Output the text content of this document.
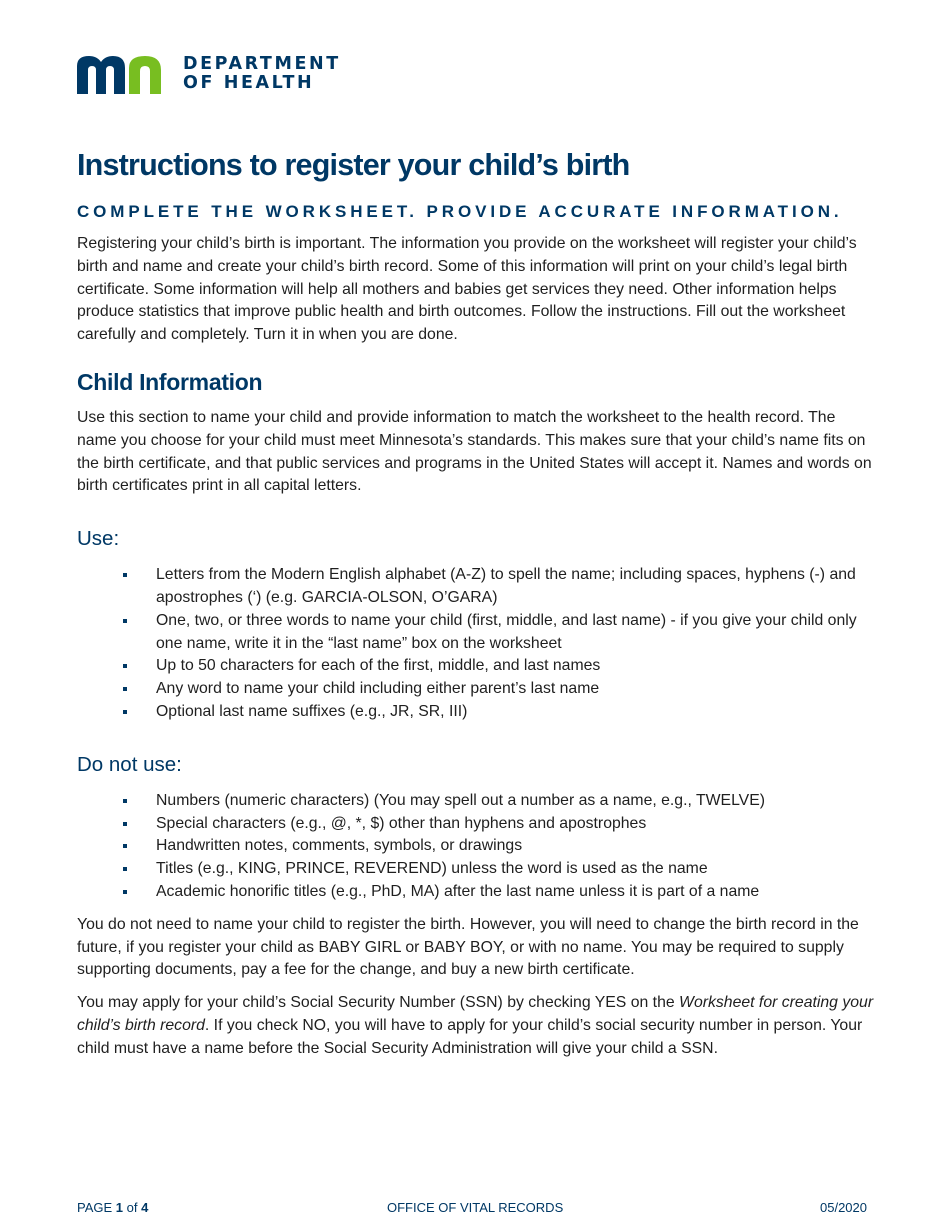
DEPARTMENT
OF HEALTH
Instructions to register your child’s birth
COMPLETE THE WORKSHEET. PROVIDE ACCURATE INFORMATION.

Registering your child’s birth is important. The information you provide on the worksheet will register your child’s birth and name and create your child’s birth record. Some of this information will print on your child’s legal birth certificate. Some information will help all mothers and babies get services they need. Other information helps produce statistics that improve public health and birth outcomes. Follow the instructions. Fill out the worksheet carefully and completely. Turn it in when you are done.

Child Information

Use this section to name your child and provide information to match the worksheet to the health record. The name you choose for your child must meet Minnesota’s standards. This makes sure that your child’s name fits on the birth certificate, and that public services and programs in the United States will accept it. Names and words on birth certificates print in all capital letters.

Use:
Letters from the Modern English alphabet (A-Z) to spell the name; including spaces, hyphens (-) and apostrophes (‘) (e.g. GARCIA-OLSON, O’GARA)
One, two, or three words to name your child (first, middle, and last name) - if you give your child only one name, write it in the “last name” box on the worksheet
Up to 50 characters for each of the first, middle, and last names
Any word to name your child including either parent’s last name
Optional last name suffixes (e.g., JR, SR, III)
Do not use:
Numbers (numeric characters) (You may spell out a number as a name, e.g., TWELVE)
Special characters (e.g., @, *, $) other than hyphens and apostrophes
Handwritten notes, comments, symbols, or drawings
Titles (e.g., KING, PRINCE, REVEREND) unless the word is used as the name
Academic honorific titles (e.g., PhD, MA) after the last name unless it is part of a name

You do not need to name your child to register the birth. However, you will need to change the birth record in the future, if you register your child as BABY GIRL or BABY BOY, or with no name. You may be required to supply supporting documents, pay a fee for the change, and buy a new birth certificate.

You may apply for your child’s Social Security Number (SSN) by checking YES on the Worksheet for creating your child’s birth record. If you check NO, you will have to apply for your child’s social security number in person. Your child must have a name before the Social Security Administration will give your child a SSN.

PAGE 1 of 4	OFFICE OF VITAL RECORDS	05/2020
